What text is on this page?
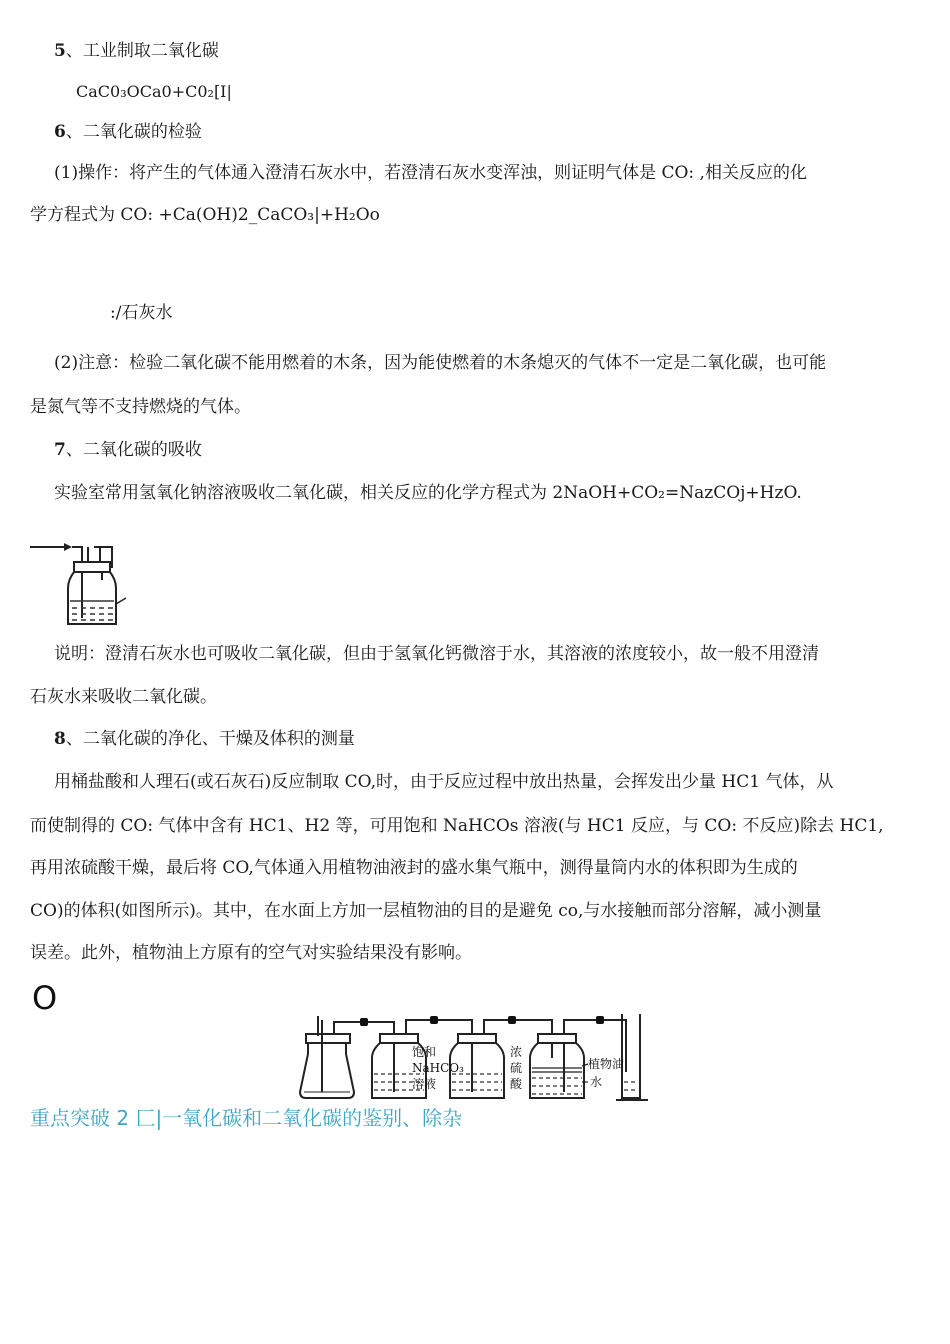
5、工业制取二氧化碳
CaC0₃OCa0+C0₂[I|
6、二氧化碳的检验
(1)操作：将产生的气体通入澄清石灰水中，若澄清石灰水变浑浊，则证明气体是 CO: ,相关反应的化
学方程式为 CO: +Ca(OH)2_CaCO₃|+H₂Oo
:∕石灰水
(2)注意：检验二氧化碳不能用燃着的木条，因为能使燃着的木条熄灭的气体不一定是二氧化碳，也可能
是氮气等不支持燃烧的气体。
7、二氧化碳的吸收
实验室常用氢氧化钠溶液吸收二氧化碳，相关反应的化学方程式为 2NaOH+CO₂=NazCOj+HzO.
说明：澄清石灰水也可吸收二氧化碳，但由于氢氧化钙微溶于水，其溶液的浓度较小，故一般不用澄清
石灰水来吸收二氧化碳。
8、二氧化碳的净化、干燥及体积的测量
用桶盐酸和人理石(或石灰石)反应制取 CO,时，由于反应过程中放出热量，会挥发出少量 HC1 气体，从
而使制得的 CO: 气体中含有 HC1、H2 等，可用饱和 NaHCOs 溶液(与 HC1 反应，与 CO: 不反应)除去 HC1,
再用浓硫酸干燥，最后将 CO,气体通入用植物油液封的盛水集气瓶中，测得量筒内水的体积即为生成的
CO)的体积(如图所示)。其中，在水面上方加一层植物油的目的是避免 co,与水接触而部分溶解，减小测量
误差。此外，植物油上方原有的空气对实验结果没有影响。
O
饱和
NaHCO₃
溶液
浓
硫
酸
植物油
水
重点突破 2 匚|一氧化碳和二氧化碳的鉴别、除杂
